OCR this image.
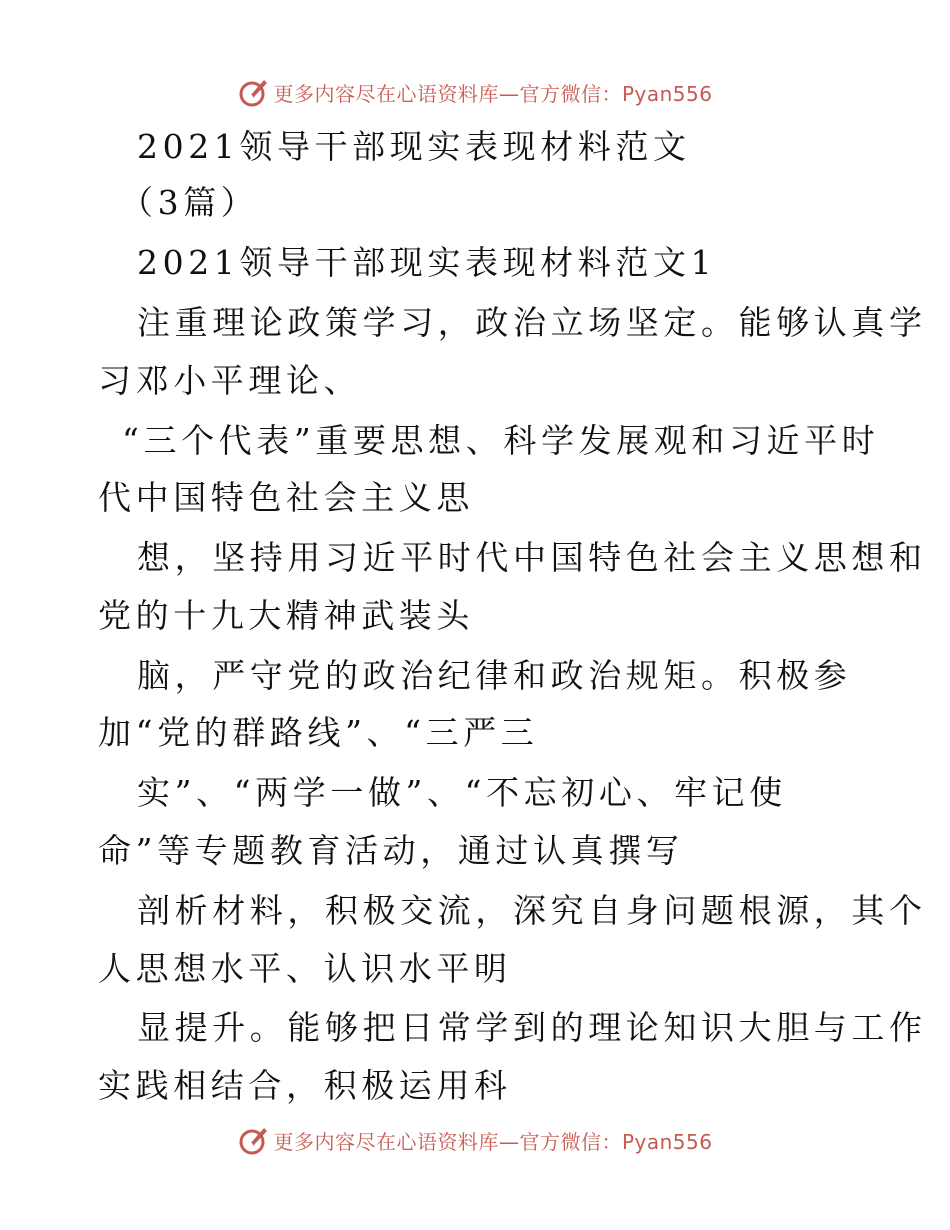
更多内容尽在心语资料库—官方微信：Pyan556
2021领导干部现实表现材料范文
（3篇）
2021领导干部现实表现材料范文1
注重理论政策学习，政治立场坚定。能够认真学
习邓小平理论、
“三个代表”重要思想、科学发展观和习近平时
代中国特色社会主义思
想，坚持用习近平时代中国特色社会主义思想和
党的十九大精神武装头
脑，严守党的政治纪律和政治规矩。积极参
加“党的群路线”、“三严三
实”、“两学一做”、“不忘初心、牢记使
命”等专题教育活动，通过认真撰写
剖析材料，积极交流，深究自身问题根源，其个
人思想水平、认识水平明
显提升。能够把日常学到的理论知识大胆与工作
实践相结合，积极运用科
更多内容尽在心语资料库—官方微信：Pyan556
